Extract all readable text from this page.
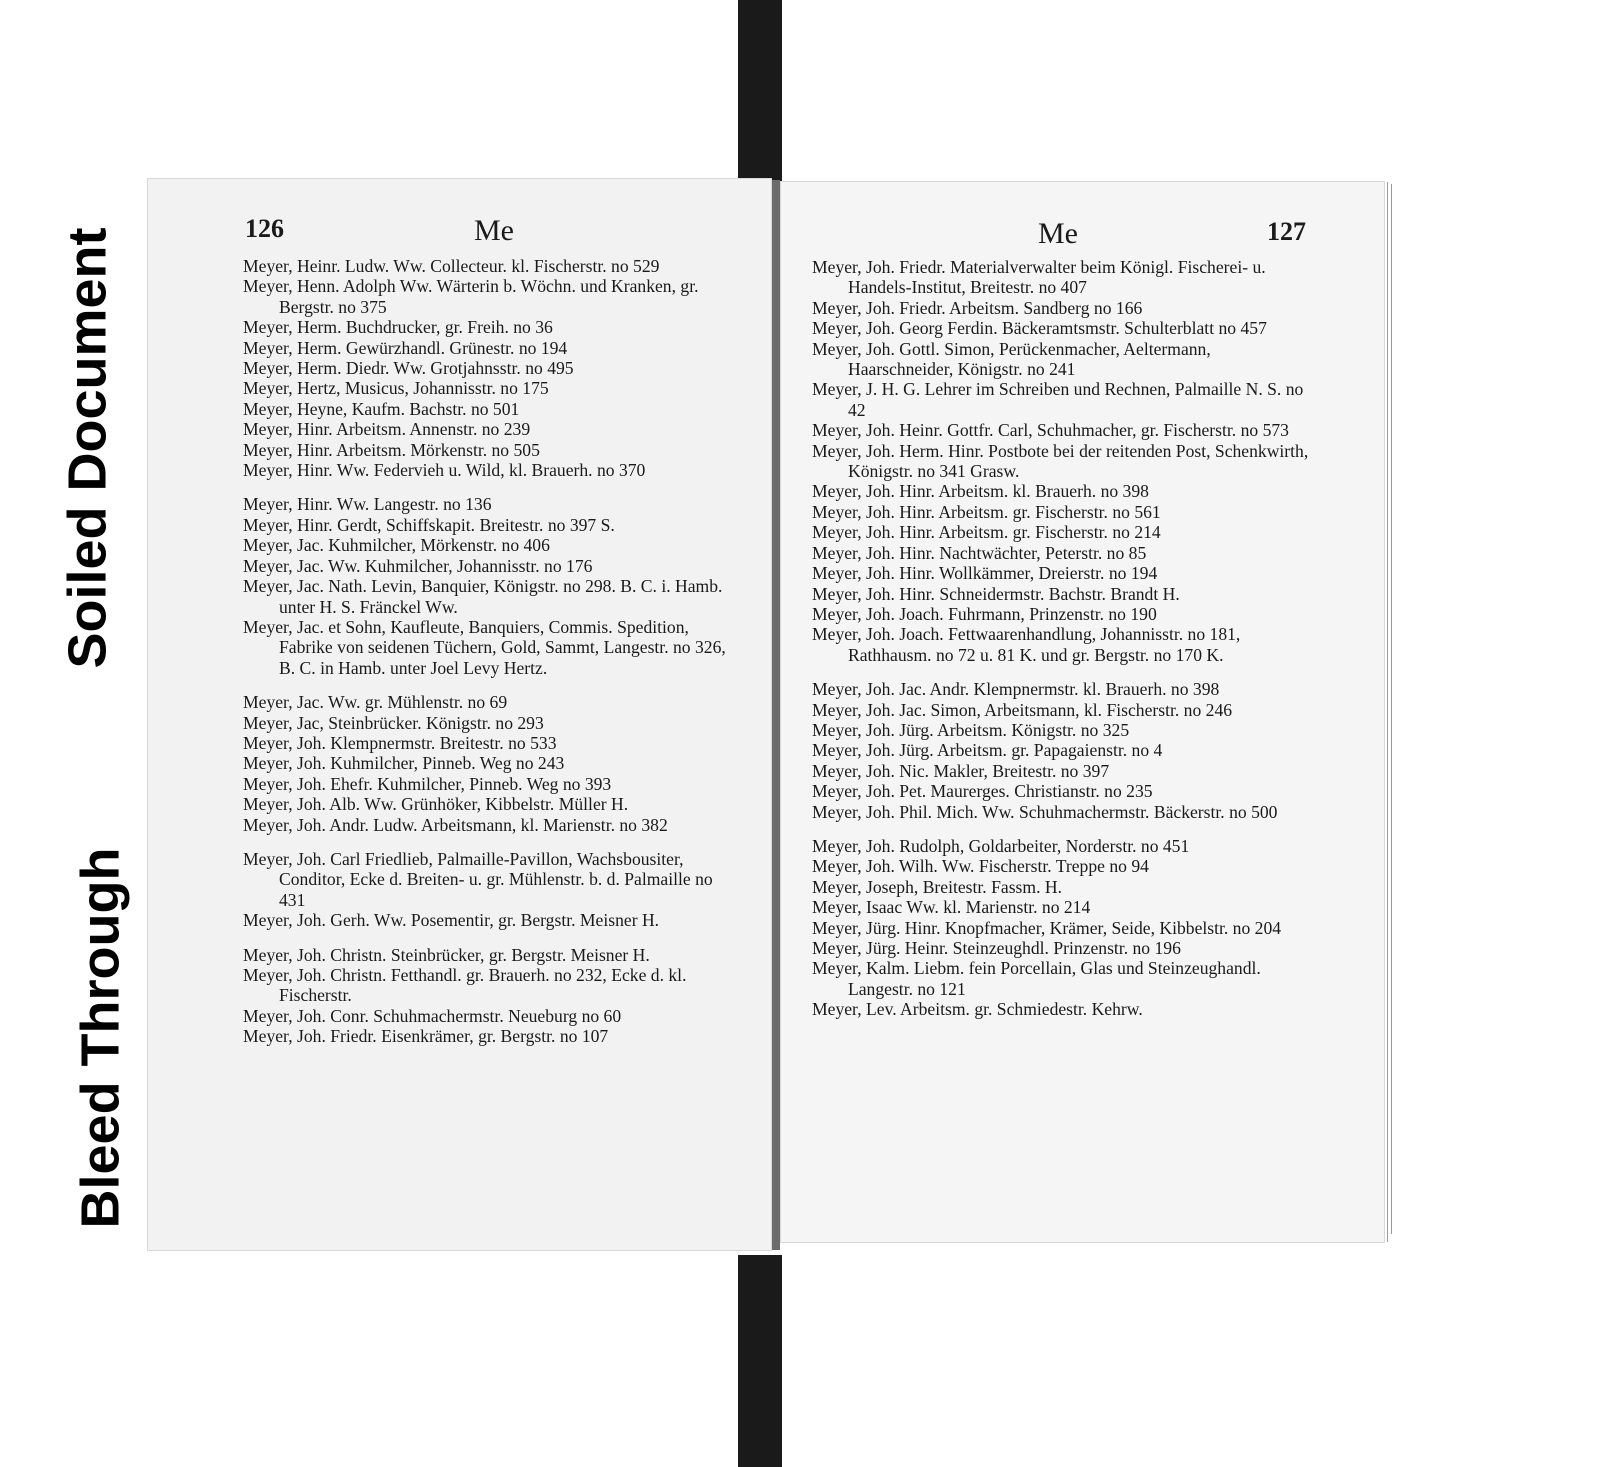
Soiled Document
Bleed Through
126	Me
Meyer, Heinr. Ludw. Ww. Collecteur. kl. Fischerstr. no 529
Meyer, Henn. Adolph Ww. Wärterin b. Wöchn. und Kranken, gr. Bergstr. no 375
Meyer, Herm. Buchdrucker, gr. Freih. no 36
Meyer, Herm. Gewürzhandl. Grünestr. no 194
Meyer, Herm. Diedr. Ww. Grotjahnsstr. no 495
Meyer, Hertz, Musicus, Johannisstr. no 175
Meyer, Heyne, Kaufm. Bachstr. no 501
Meyer, Hinr. Arbeitsm. Annenstr. no 239
Meyer, Hinr. Arbeitsm. Mörkenstr. no 505
Meyer, Hinr. Ww. Federvieh u. Wild, kl. Brauerh. no 370
Meyer, Hinr. Ww. Langestr. no 136
Meyer, Hinr. Gerdt, Schiffskapit. Breitestr. no 397 S.
Meyer, Jac. Kuhmilcher, Mörkenstr. no 406
Meyer, Jac. Ww. Kuhmilcher, Johannisstr. no 176
Meyer, Jac. Nath. Levin, Banquier, Königstr. no 298. B. C. i. Hamb. unter H. S. Fränckel Ww.
Meyer, Jac. et Sohn, Kaufleute, Banquiers, Commis. Spedition, Fabrike von seidenen Tüchern, Gold, Sammt, Langestr. no 326, B. C. in Hamb. unter Joel Levy Hertz.
Meyer, Jac. Ww. gr. Mühlenstr. no 69
Meyer, Jac, Steinbrücker. Königstr. no 293
Meyer, Joh. Klempnermstr. Breitestr. no 533
Meyer, Joh. Kuhmilcher, Pinneb. Weg no 243
Meyer, Joh. Ehefr. Kuhmilcher, Pinneb. Weg no 393
Meyer, Joh. Alb. Ww. Grünhöker, Kibbelstr. Müller H.
Meyer, Joh. Andr. Ludw. Arbeitsmann, kl. Marienstr. no 382
Meyer, Joh. Carl Friedlieb, Palmaille-Pavillon, Wachsbousiter, Conditor, Ecke d. Breiten- u. gr. Mühlenstr. b. d. Palmaille no 431
Meyer, Joh. Gerh. Ww. Posementir, gr. Bergstr. Meisner H.
Meyer, Joh. Christn. Steinbrücker, gr. Bergstr. Meisner H.
Meyer, Joh. Christn. Fetthandl. gr. Brauerh. no 232, Ecke d. kl. Fischerstr.
Meyer, Joh. Conr. Schuhmachermstr. Neueburg no 60
Meyer, Joh. Friedr. Eisenkrämer, gr. Bergstr. no 107
Me	127
Meyer, Joh. Friedr. Materialverwalter beim Königl. Fischerei- u. Handels-Institut, Breitestr. no 407
Meyer, Joh. Friedr. Arbeitsm. Sandberg no 166
Meyer, Joh. Georg Ferdin. Bäckeramtsmstr. Schulterblatt no 457
Meyer, Joh. Gottl. Simon, Perückenmacher, Aeltermann, Haarschneider, Königstr. no 241
Meyer, J. H. G. Lehrer im Schreiben und Rechnen, Palmaille N. S. no 42
Meyer, Joh. Heinr. Gottfr. Carl, Schuhmacher, gr. Fischerstr. no 573
Meyer, Joh. Herm. Hinr. Postbote bei der reitenden Post, Schenkwirth, Königstr. no 341 Grasw.
Meyer, Joh. Hinr. Arbeitsm. kl. Brauerh. no 398
Meyer, Joh. Hinr. Arbeitsm. gr. Fischerstr. no 561
Meyer, Joh. Hinr. Arbeitsm. gr. Fischerstr. no 214
Meyer, Joh. Hinr. Nachtwächter, Peterstr. no 85
Meyer, Joh. Hinr. Wollkämmer, Dreierstr. no 194
Meyer, Joh. Hinr. Schneidermstr. Bachstr. Brandt H.
Meyer, Joh. Joach. Fuhrmann, Prinzenstr. no 190
Meyer, Joh. Joach. Fettwaarenhandlung, Johannisstr. no 181, Rathhausm. no 72 u. 81 K. und gr. Bergstr. no 170 K.
Meyer, Joh. Jac. Andr. Klempnermstr. kl. Brauerh. no 398
Meyer, Joh. Jac. Simon, Arbeitsmann, kl. Fischerstr. no 246
Meyer, Joh. Jürg. Arbeitsm. Königstr. no 325
Meyer, Joh. Jürg. Arbeitsm. gr. Papagaienstr. no 4
Meyer, Joh. Nic. Makler, Breitestr. no 397
Meyer, Joh. Pet. Maurerges. Christianstr. no 235
Meyer, Joh. Phil. Mich. Ww. Schuhmachermstr. Bäckerstr. no 500
Meyer, Joh. Rudolph, Goldarbeiter, Norderstr. no 451
Meyer, Joh. Wilh. Ww. Fischerstr. Treppe no 94
Meyer, Joseph, Breitestr. Fassm. H.
Meyer, Isaac Ww. kl. Marienstr. no 214
Meyer, Jürg. Hinr. Knopfmacher, Krämer, Seide, Kibbelstr. no 204
Meyer, Jürg. Heinr. Steinzeughdl. Prinzenstr. no 196
Meyer, Kalm. Liebm. fein Porcellain, Glas und Steinzeughandl. Langestr. no 121
Meyer, Lev. Arbeitsm. gr. Schmiedestr. Kehrw.
